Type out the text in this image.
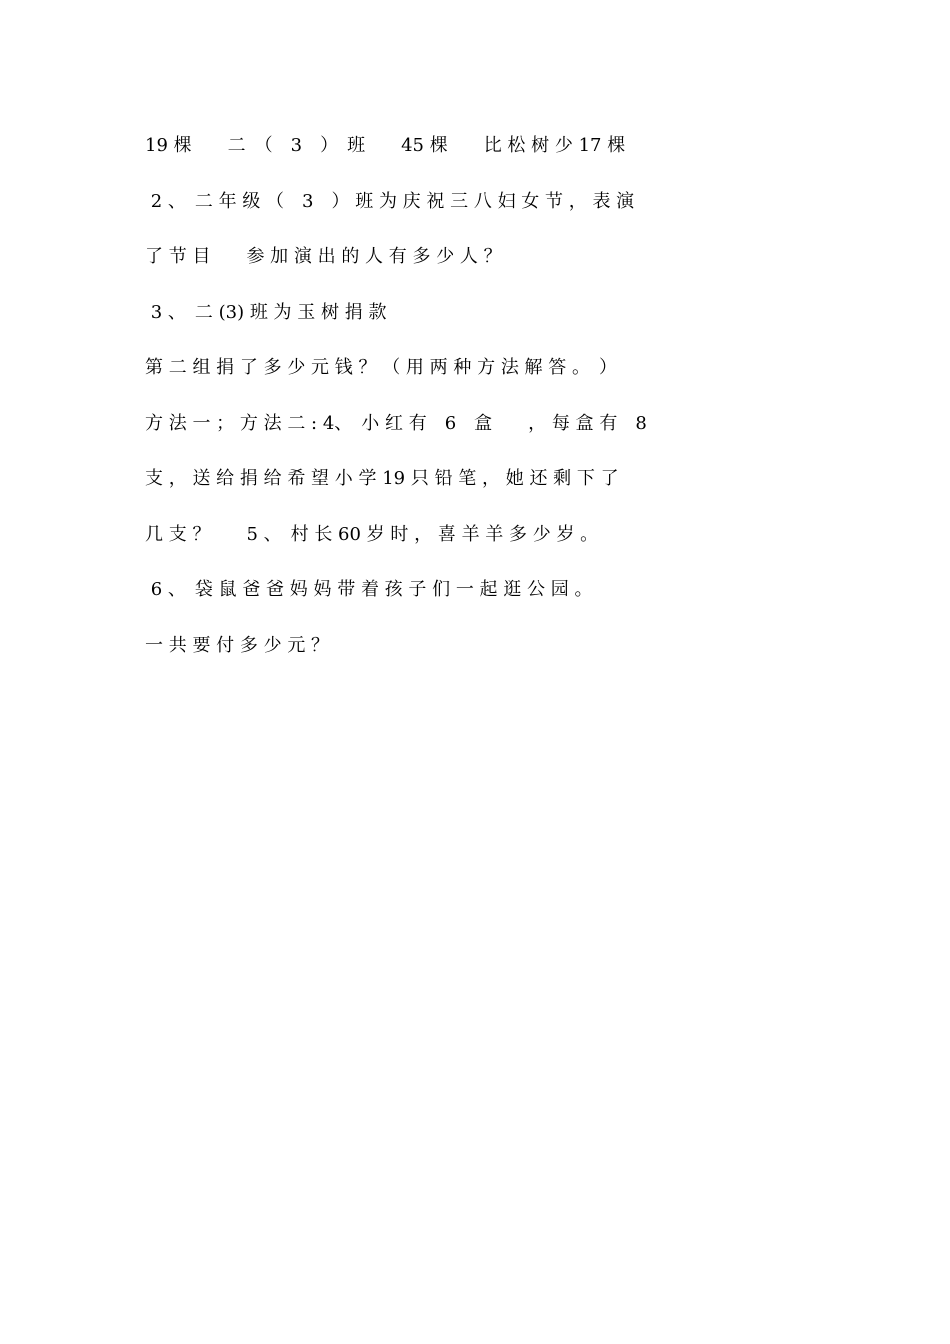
19 棵　　二　（　3　）　班　　45 棵　　比 松 树 少 17 棵
2 、　二 年 级 （　3　） 班 为 庆 祝 三 八 妇 女 节 ， 表 演
了 节 目　　参 加 演 出 的 人 有 多 少 人 ？
3 、　二 (3) 班 为 玉 树 捐 款
第 二 组 捐 了 多 少 元 钱 ？ （ 用 两 种 方 法 解 答 。　）
方 法 一 ； 方 法 二 : 4、　小 红 有　6　盒　　， 每 盒 有　8
支 ， 送 给 捐 给 希 望 小 学 19 只 铅 笔 ， 她 还 剩 下 了
几 支 ？　　5 、　村 长 60 岁 时 ， 喜 羊 羊 多 少 岁 。
6 、　袋 鼠 爸 爸 妈 妈 带 着 孩 子 们 一 起 逛 公 园 。
一 共 要 付 多 少 元 ？
